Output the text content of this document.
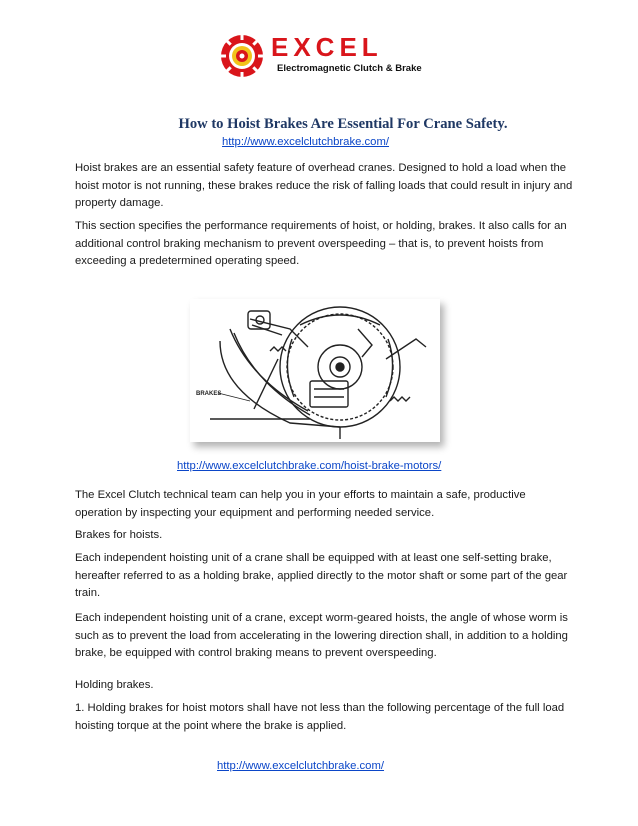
EXCEL
Electromagnetic Clutch & Brake
How to Hoist Brakes Are Essential For Crane Safety.
http://www.excelclutchbrake.com/

Hoist brakes are an essential safety feature of overhead cranes. Designed to hold a load when the hoist motor is not running, these brakes reduce the risk of falling loads that could result in injury and property damage.

This section specifies the performance requirements of hoist, or holding, brakes. It also calls for an additional control braking mechanism to prevent overspeeding – that is, to prevent hoists from exceeding a predetermined operating speed.

BRAKES
http://www.excelclutchbrake.com/hoist-brake-motors/

The Excel Clutch technical team can help you in your efforts to maintain a safe, productive operation by inspecting your equipment and performing needed service.

Brakes for hoists.

Each independent hoisting unit of a crane shall be equipped with at least one self-setting brake, hereafter referred to as a holding brake, applied directly to the motor shaft or some part of the gear train.

Each independent hoisting unit of a crane, except worm-geared hoists, the angle of whose worm is such as to prevent the load from accelerating in the lowering direction shall, in addition to a holding brake, be equipped with control braking means to prevent overspeeding.

Holding brakes.

1. Holding brakes for hoist motors shall have not less than the following percentage of the full load hoisting torque at the point where the brake is applied.

http://www.excelclutchbrake.com/
